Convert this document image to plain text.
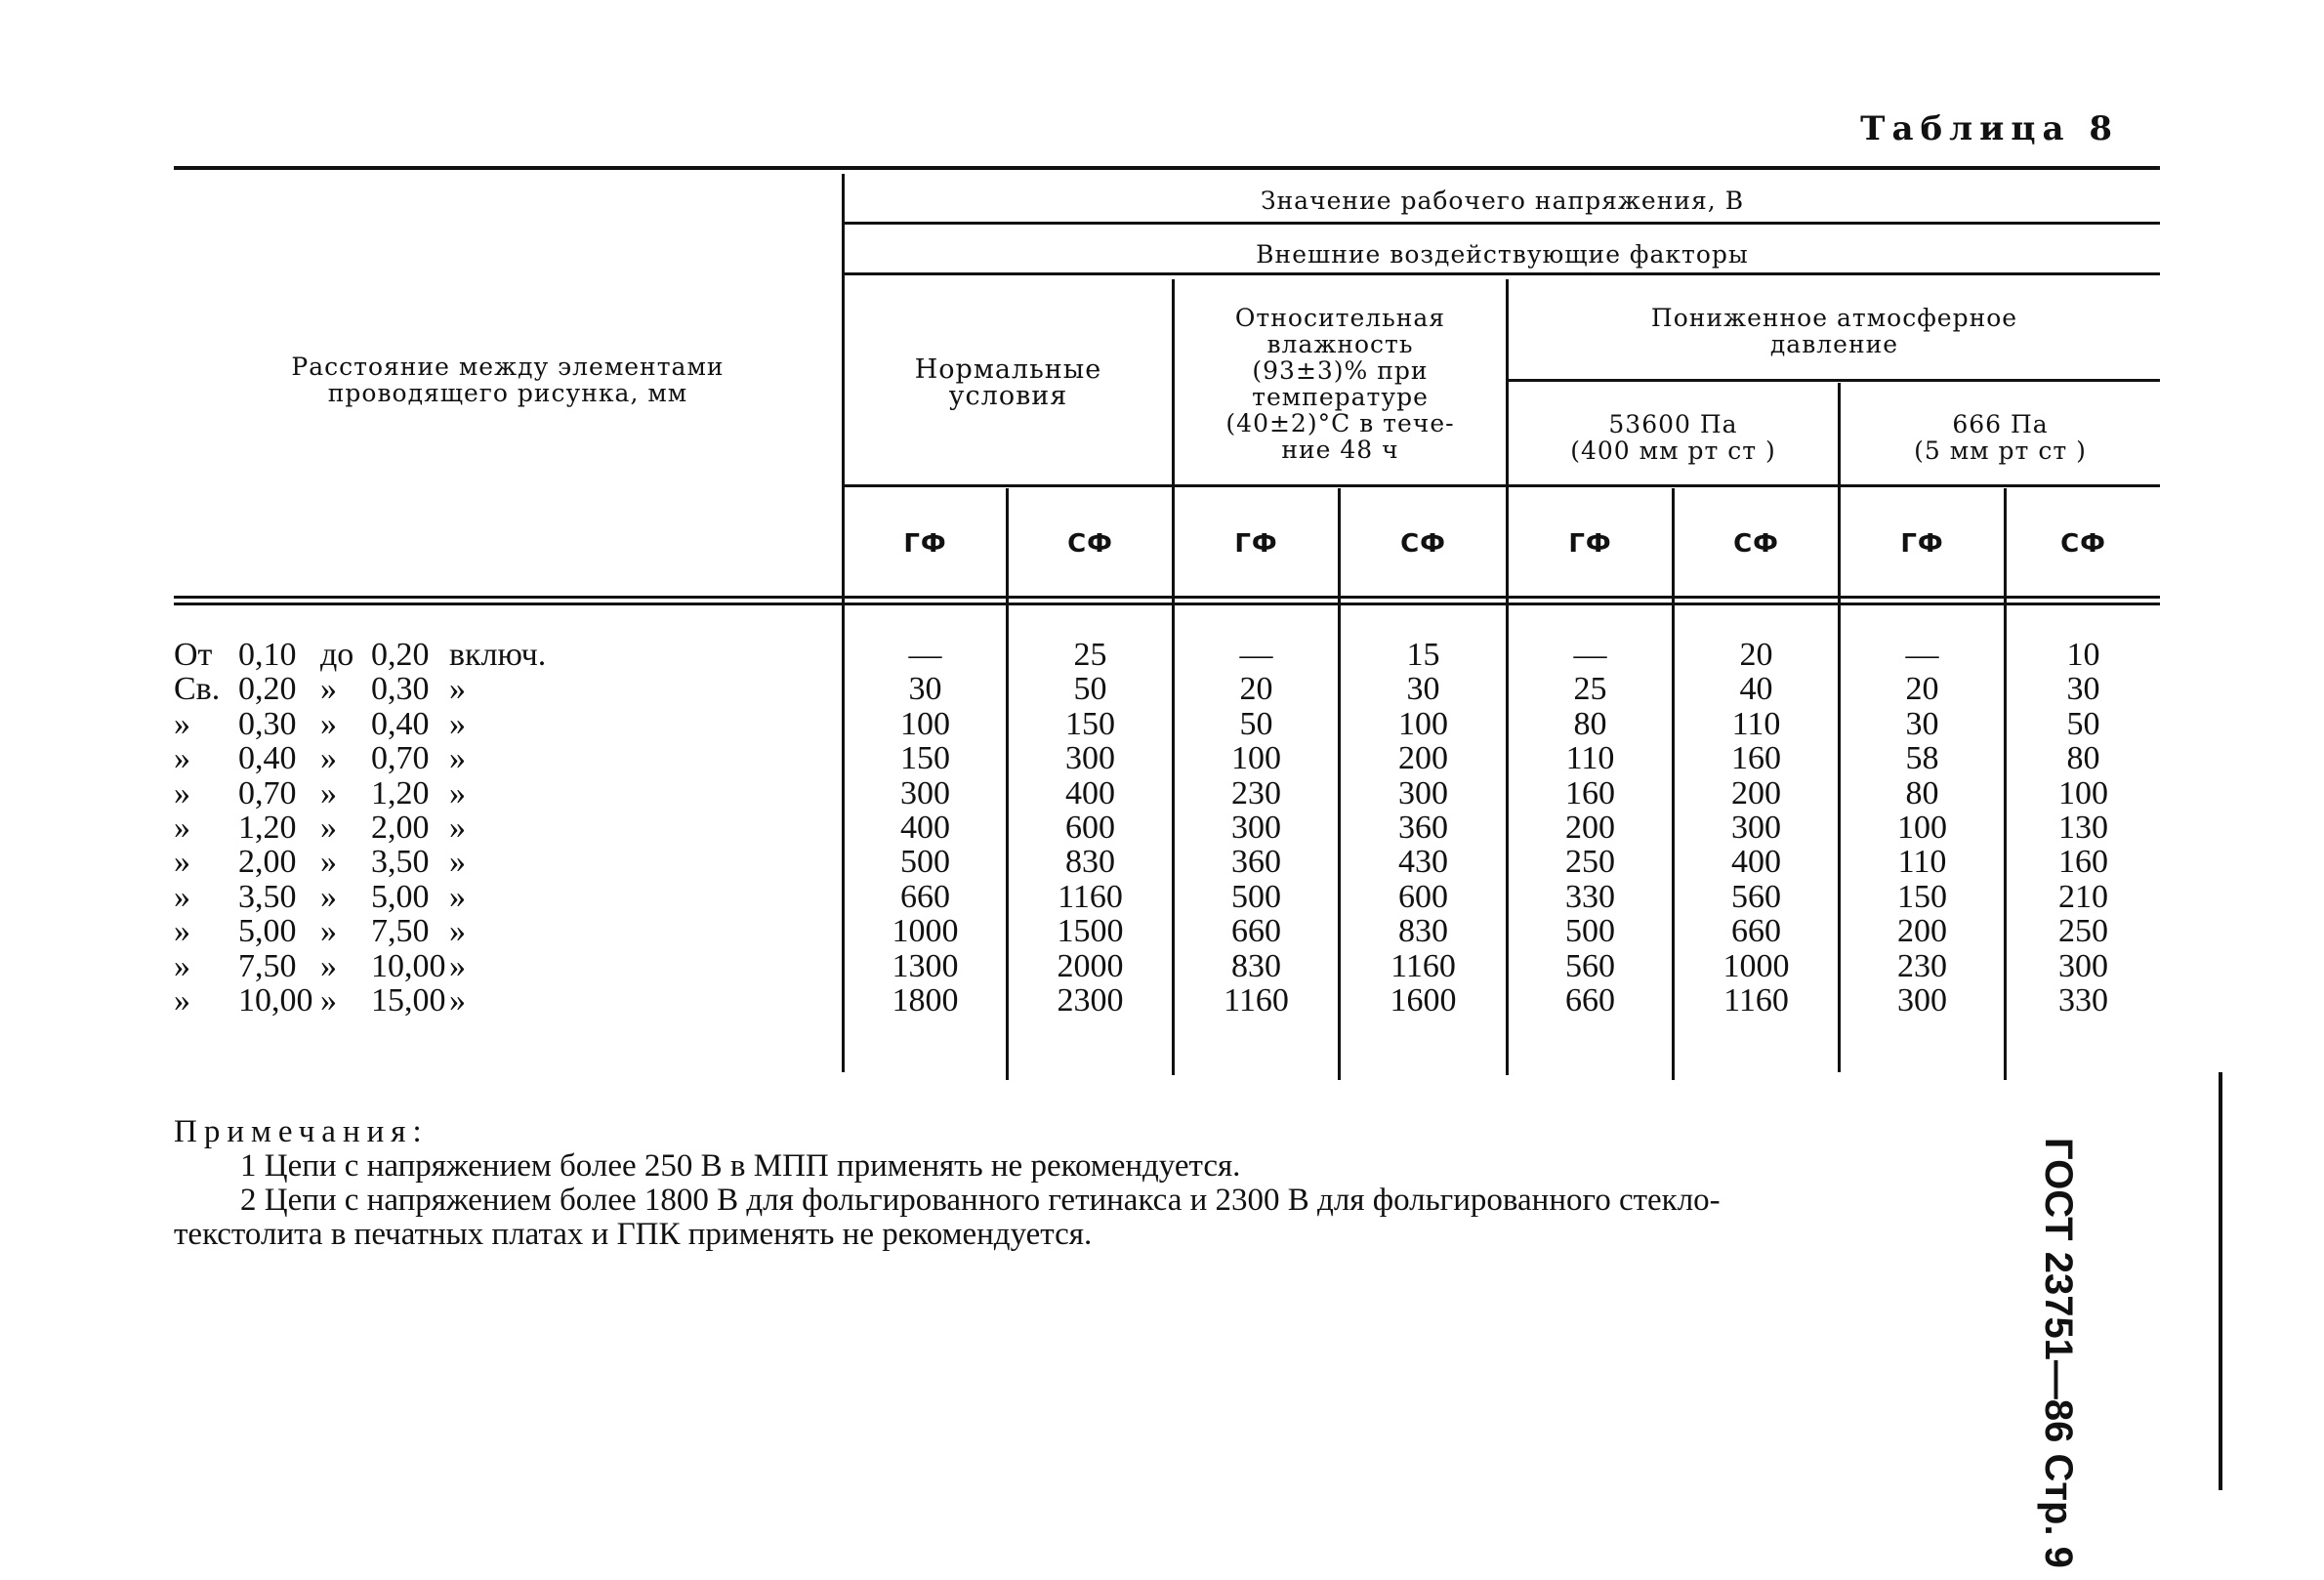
Таблица 8
Значение рабочего напряжения, В
Внешние воздействующие факторы
Расстояние между элементами
проводящего рисунка, мм
Нормальные
условия
Относительная
влажность
(93±3)% при
температуре
(40±2)°С в тече-
ние 48 ч
Пониженное атмосферное
давление
53600 Па
(400 мм рт ст )
666 Па
(5 мм рт ст )
ГФ	СФ	ГФ	СФ	ГФ	СФ	ГФ	СФ
От 0,10 до 0,20 включ.	—	25	—	15	—	20	—	10
Св. 0,20 » 0,30 »	30	50	20	30	25	40	20	30
» 0,30 » 0,40 »	100	150	50	100	80	110	30	50
» 0,40 » 0,70 »	150	300	100	200	110	160	58	80
» 0,70 » 1,20 »	300	400	230	300	160	200	80	100
» 1,20 » 2,00 »	400	600	300	360	200	300	100	130
» 2,00 » 3,50 »	500	830	360	430	250	400	110	160
» 3,50 » 5,00 »	660	1160	500	600	330	560	150	210
» 5,00 » 7,50 »	1000	1500	660	830	500	660	200	250
» 7,50 » 10,00 »	1300	2000	830	1160	560	1000	230	300
» 10,00 » 15,00 »	1800	2300	1160	1600	660	1160	300	330

Примечания:

1 Цепи с напряжением более 250 В в МПП применять не рекомендуется.

2 Цепи с напряжением более 1800 В для фольгированного гетинакса и 2300 В для фольгированного стекло-

текстолита в печатных платах и ГПК применять не рекомендуется.	ГОСТ 23751—86 Стр. 9
